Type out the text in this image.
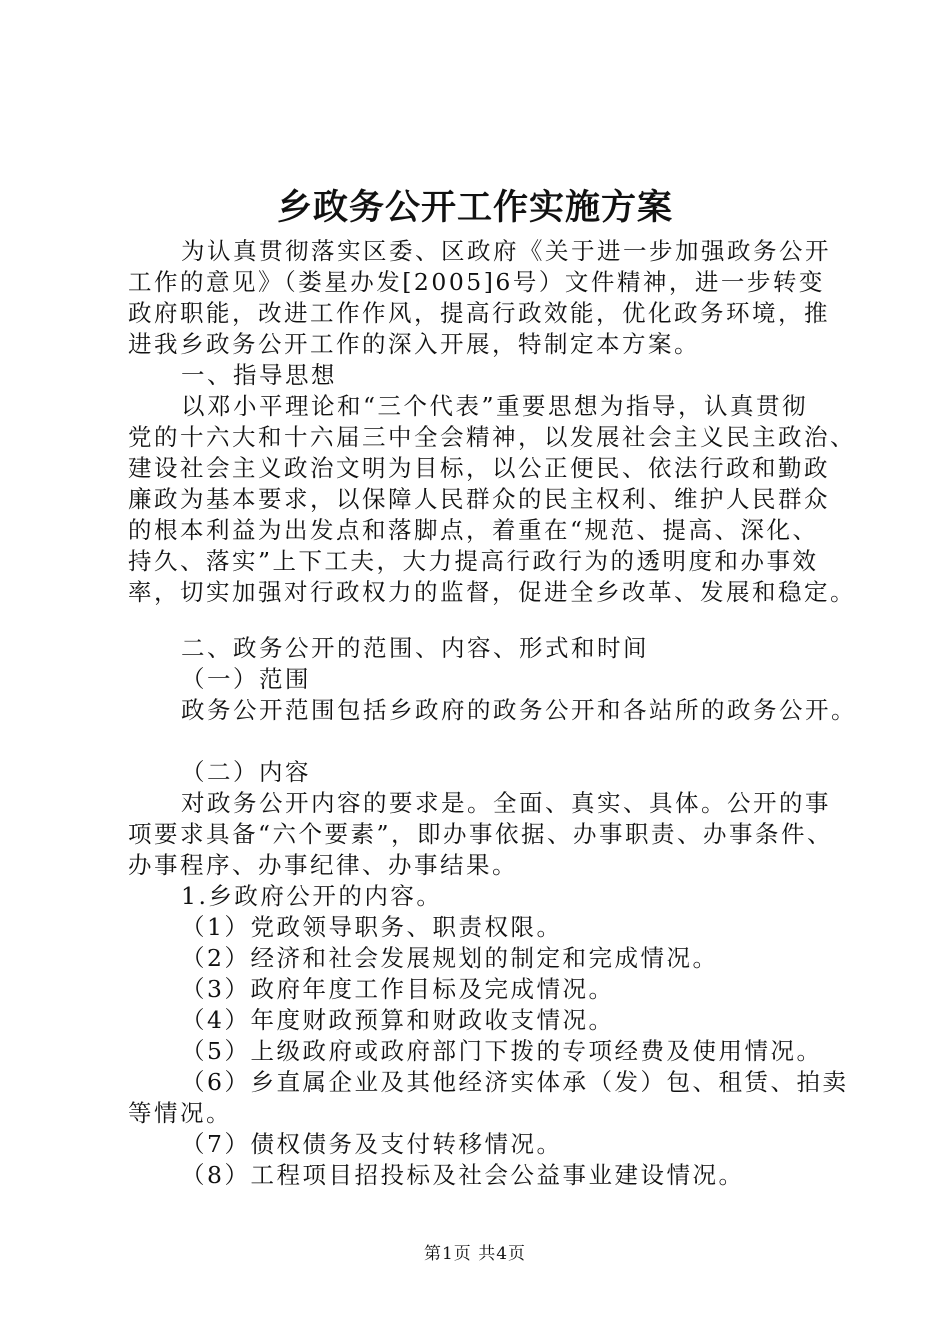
乡政务公开工作实施方案
为认真贯彻落实区委、区政府《关于进一步加强政务公开
工作的意见》（娄星办发[2005]6号）文件精神，进一步转变
政府职能，改进工作作风，提高行政效能，优化政务环境，推
进我乡政务公开工作的深入开展，特制定本方案。
一、指导思想
以邓小平理论和“三个代表”重要思想为指导，认真贯彻
党的十六大和十六届三中全会精神，以发展社会主义民主政治、
建设社会主义政治文明为目标，以公正便民、依法行政和勤政
廉政为基本要求，以保障人民群众的民主权利、维护人民群众
的根本利益为出发点和落脚点，着重在“规范、提高、深化、
持久、落实”上下工夫，大力提高行政行为的透明度和办事效
率，切实加强对行政权力的监督，促进全乡改革、发展和稳定。
二、政务公开的范围、内容、形式和时间
（一）范围
政务公开范围包括乡政府的政务公开和各站所的政务公开。
（二）内容
对政务公开内容的要求是。全面、真实、具体。公开的事
项要求具备“六个要素”，即办事依据、办事职责、办事条件、
办事程序、办事纪律、办事结果。
1.乡政府公开的内容。
（1）党政领导职务、职责权限。
（2）经济和社会发展规划的制定和完成情况。
（3）政府年度工作目标及完成情况。
（4）年度财政预算和财政收支情况。
（5）上级政府或政府部门下拨的专项经费及使用情况。
（6）乡直属企业及其他经济实体承（发）包、租赁、拍卖
等情况。
（7）债权债务及支付转移情况。
（8）工程项目招投标及社会公益事业建设情况。
第1页 共4页
